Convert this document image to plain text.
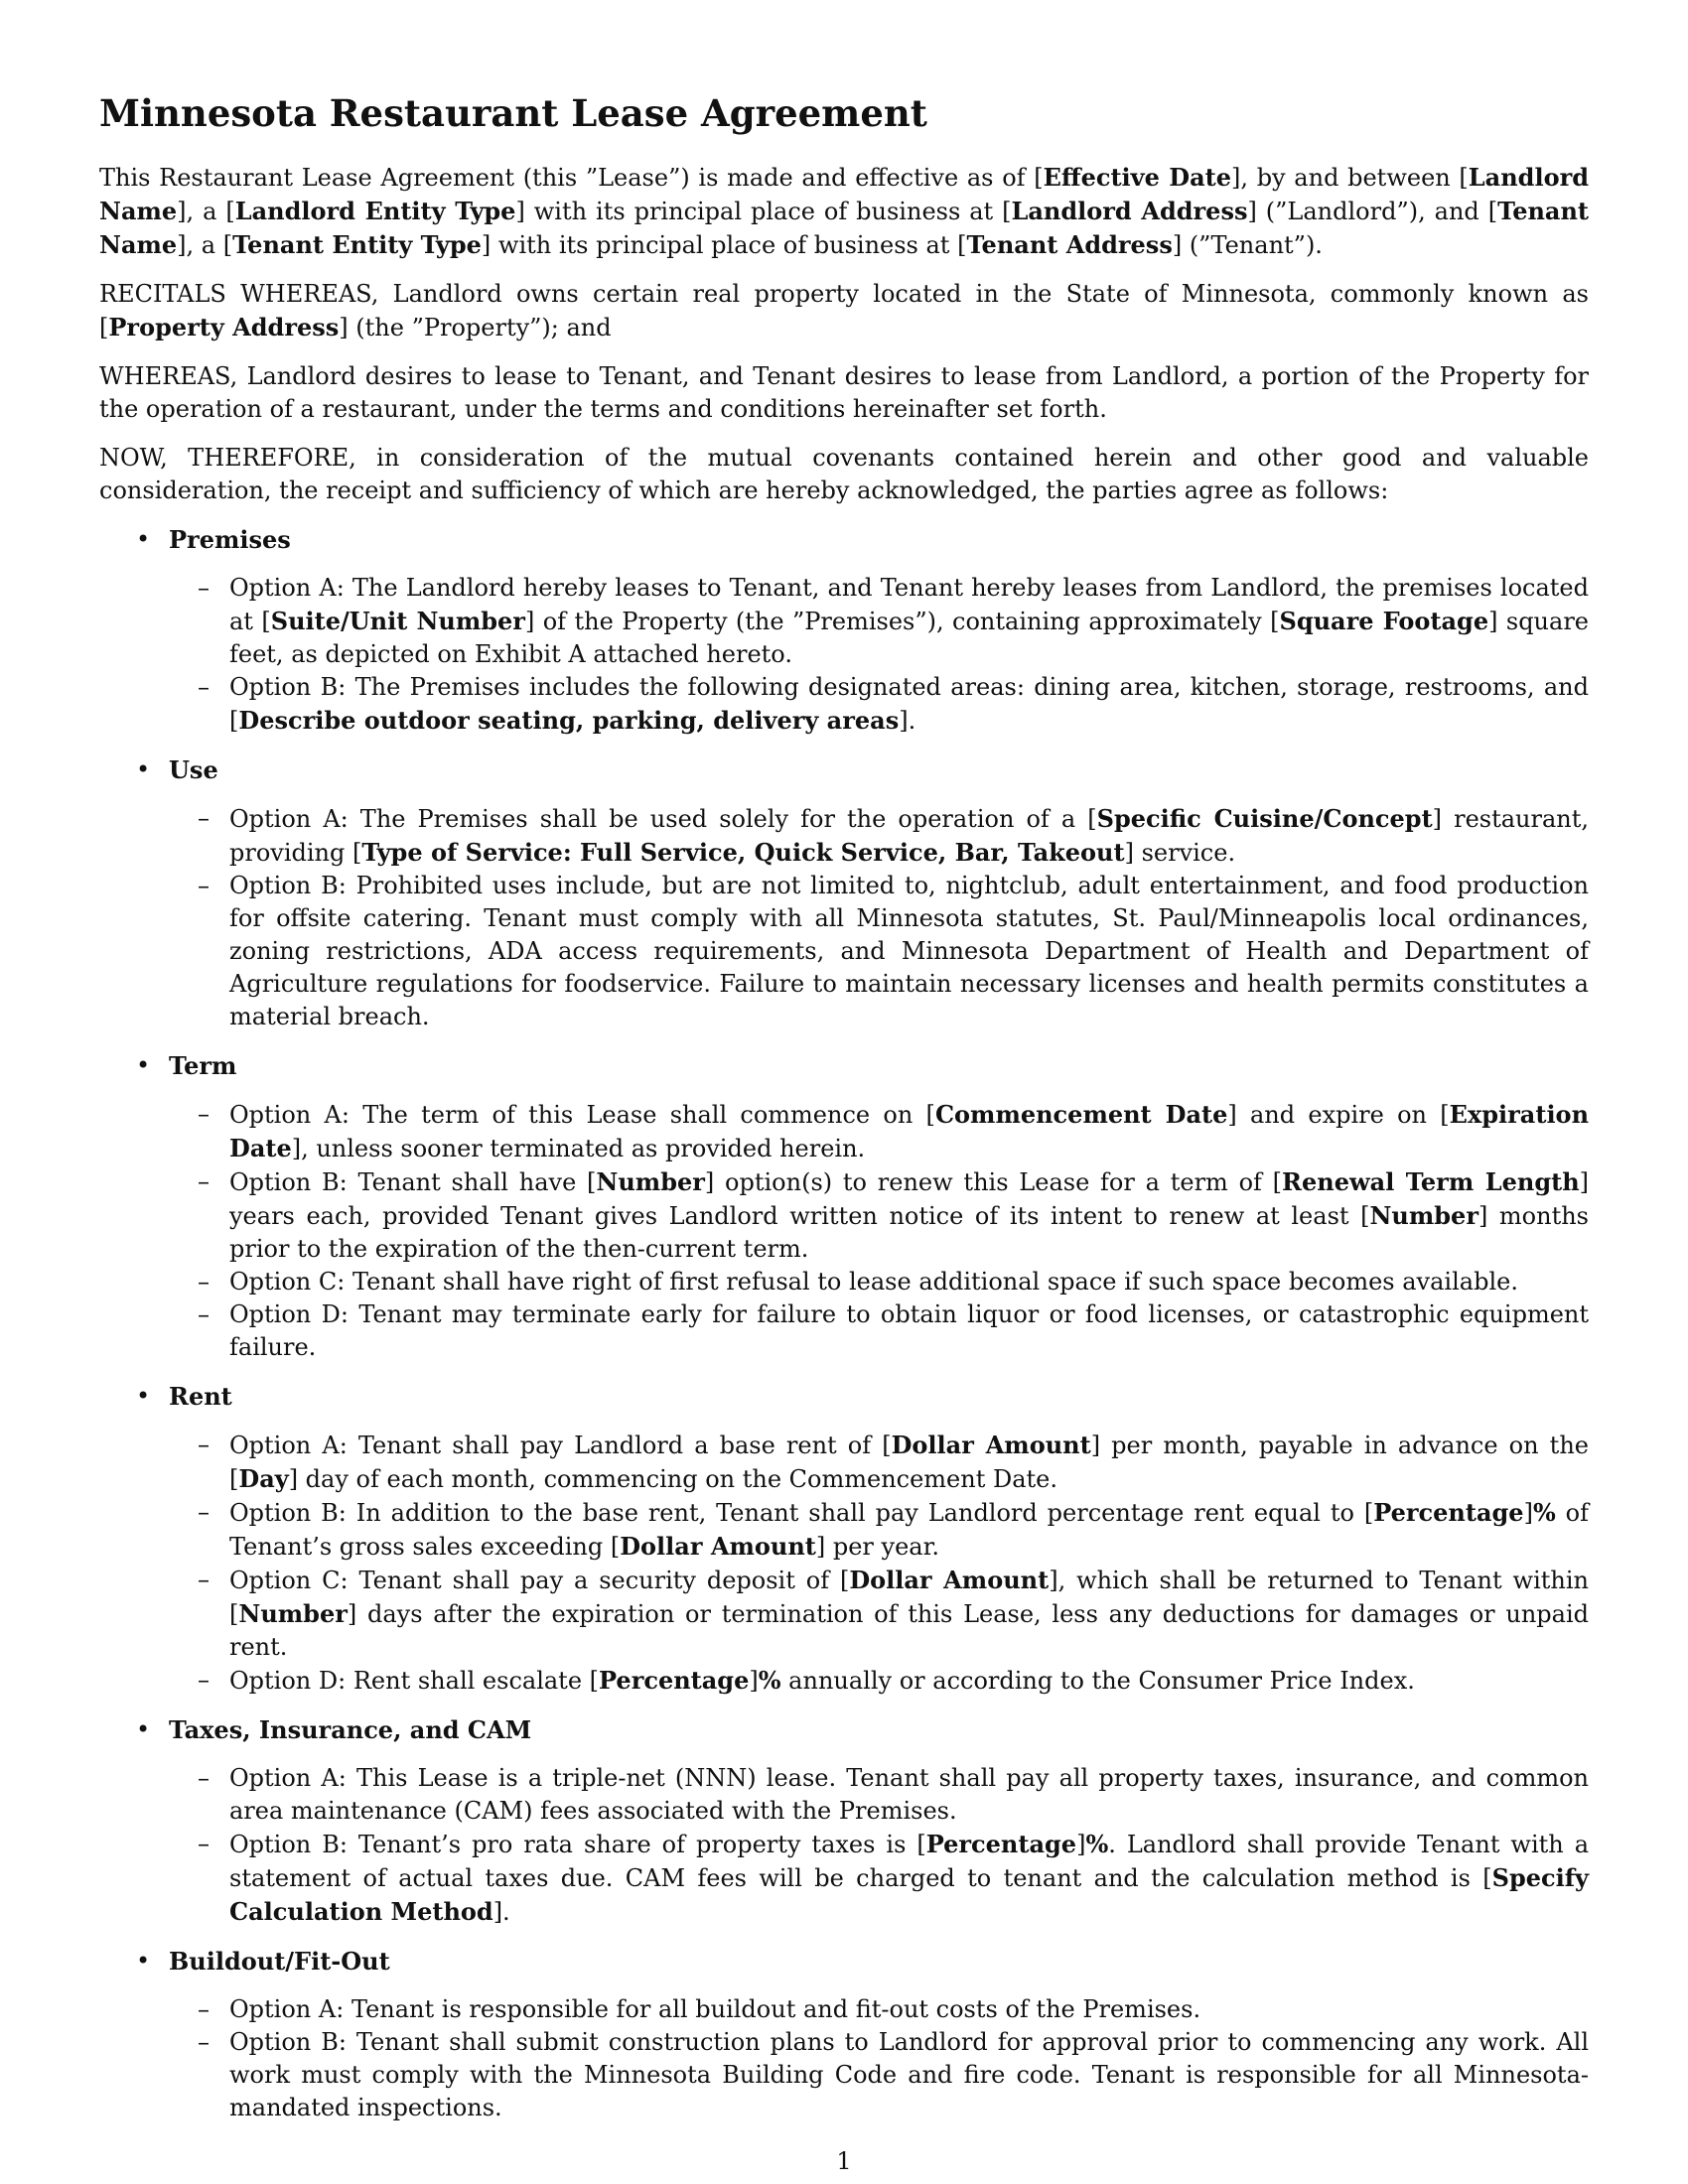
Minnesota Restaurant Lease Agreement

This Restaurant Lease Agreement (this ”Lease”) is made and effective as of [Effective Date], by and between [Landlord Name], a [Landlord Entity Type] with its principal place of business at [Landlord Address] (”Landlord”), and [Tenant Name], a [Tenant Entity Type] with its principal place of business at [Tenant Address] (”Tenant”).

RECITALS WHEREAS, Landlord owns certain real property located in the State of Minnesota, commonly known as [Property Address] (the ”Property”); and

WHEREAS, Landlord desires to lease to Tenant, and Tenant desires to lease from Landlord, a portion of the Property for the operation of a restaurant, under the terms and conditions hereinafter set forth.

NOW, THEREFORE, in consideration of the mutual covenants contained herein and other good and valuable consideration, the receipt and sufficiency of which are hereby acknowledged, the parties agree as follows:

• Premises
– Option A: The Landlord hereby leases to Tenant, and Tenant hereby leases from Landlord, the premises located at [Suite/Unit Number] of the Property (the ”Premises”), containing approximately [Square Footage] square feet, as depicted on Exhibit A attached hereto.
– Option B: The Premises includes the following designated areas: dining area, kitchen, storage, restrooms, and [Describe outdoor seating, parking, delivery areas].
• Use
– Option A: The Premises shall be used solely for the operation of a [Specific Cuisine/Concept] restaurant, providing [Type of Service: Full Service, Quick Service, Bar, Takeout] service.
– Option B: Prohibited uses include, but are not limited to, nightclub, adult entertainment, and food production for offsite catering. Tenant must comply with all Minnesota statutes, St. Paul/Minneapolis local ordinances, zoning restrictions, ADA access requirements, and Minnesota Department of Health and Department of Agriculture regulations for foodservice. Failure to maintain necessary licenses and health permits constitutes a material breach.
• Term
– Option A: The term of this Lease shall commence on [Commencement Date] and expire on [Expiration Date], unless sooner terminated as provided herein.
– Option B: Tenant shall have [Number] option(s) to renew this Lease for a term of [Renewal Term Length] years each, provided Tenant gives Landlord written notice of its intent to renew at least [Number] months prior to the expiration of the then-current term.
– Option C: Tenant shall have right of first refusal to lease additional space if such space becomes available.
– Option D: Tenant may terminate early for failure to obtain liquor or food licenses, or catastrophic equipment failure.
• Rent
– Option A: Tenant shall pay Landlord a base rent of [Dollar Amount] per month, payable in advance on the [Day] day of each month, commencing on the Commencement Date.
– Option B: In addition to the base rent, Tenant shall pay Landlord percentage rent equal to [Percentage]% of Tenant’s gross sales exceeding [Dollar Amount] per year.
– Option C: Tenant shall pay a security deposit of [Dollar Amount], which shall be returned to Tenant within [Number] days after the expiration or termination of this Lease, less any deductions for damages or unpaid rent.
– Option D: Rent shall escalate [Percentage]% annually or according to the Consumer Price Index.
• Taxes, Insurance, and CAM
– Option A: This Lease is a triple-net (NNN) lease. Tenant shall pay all property taxes, insurance, and common area maintenance (CAM) fees associated with the Premises.
– Option B: Tenant’s pro rata share of property taxes is [Percentage]%. Landlord shall provide Tenant with a statement of actual taxes due. CAM fees will be charged to tenant and the calculation method is [Specify Calculation Method].
• Buildout/Fit-Out
– Option A: Tenant is responsible for all buildout and fit-out costs of the Premises.
– Option B: Tenant shall submit construction plans to Landlord for approval prior to commencing any work. All work must comply with the Minnesota Building Code and fire code. Tenant is responsible for all Minnesota-mandated inspections.
1
